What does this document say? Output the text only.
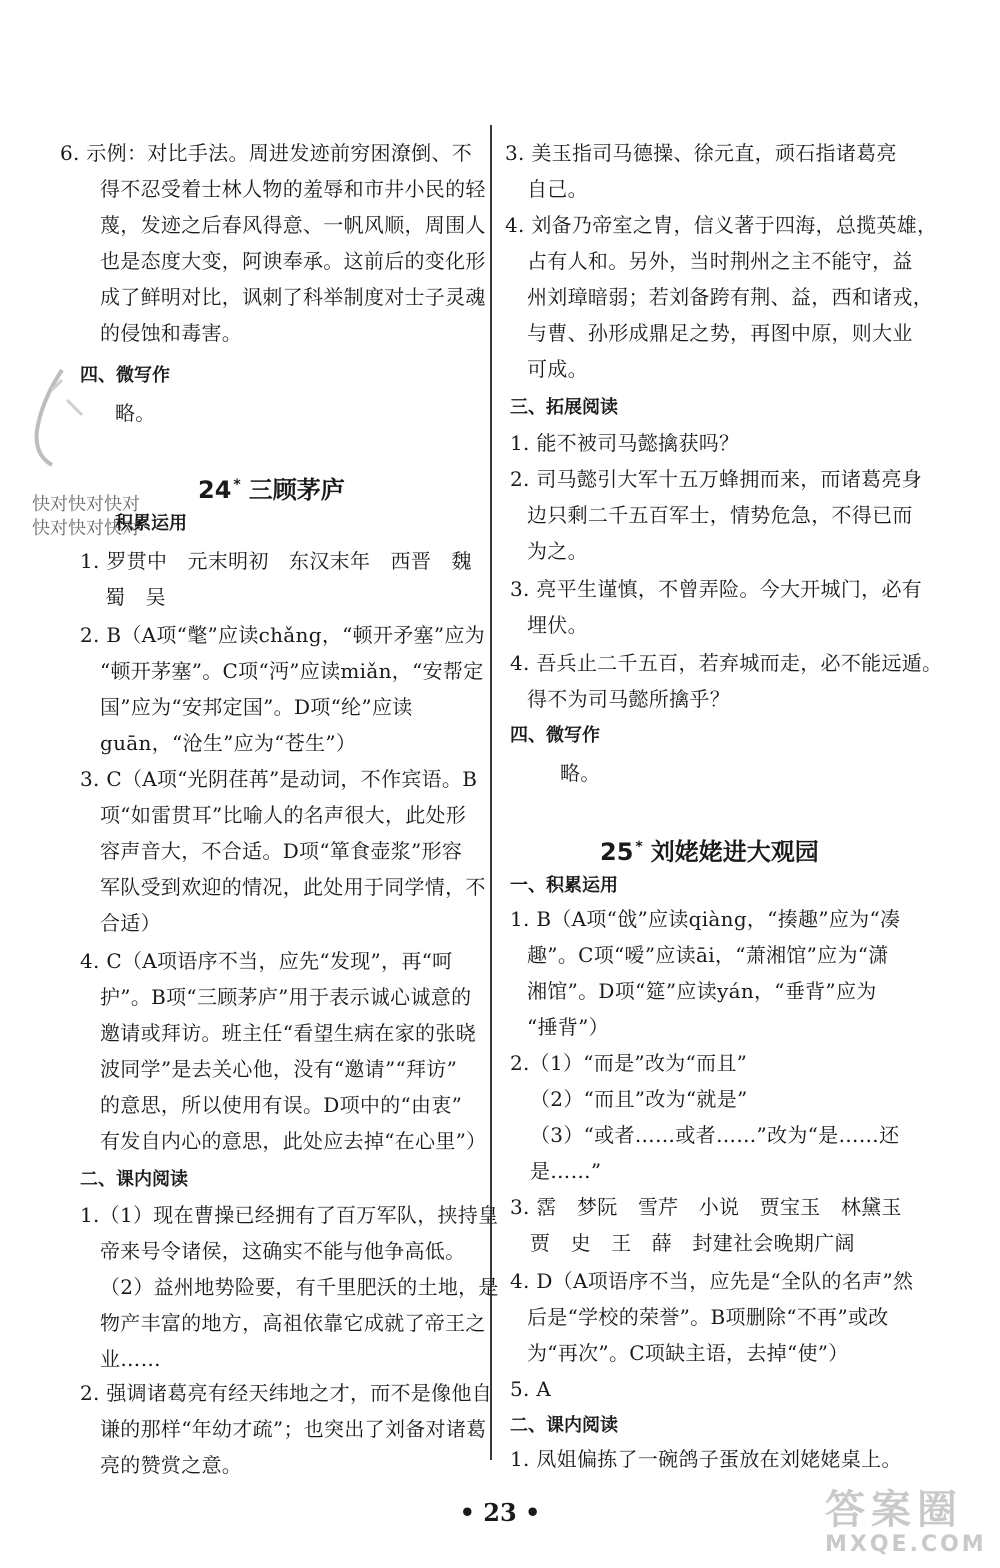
快对快对快对
快对快对快对
• 23 •	答案圈
MXQE.COM
6. 示例：对比手法。周进发迹前穷困潦倒、不
得不忍受着士林人物的羞辱和市井小民的轻
蔑，发迹之后春风得意、一帆风顺，周围人
也是态度大变，阿谀奉承。这前后的变化形
成了鲜明对比，讽刺了科举制度对士子灵魂
的侵蚀和毒害。
四、微写作
略。
24 * 三顾茅庐
积累运用
1. 罗贯中　元末明初　东汉末年　西晋　魏
蜀　吴
2. B（A项“氅”应读chǎng，“顿开矛塞”应为
“顿开茅塞”。C项“沔”应读miǎn，“安帮定
国”应为“安邦定国”。D项“纶”应读
guān，“沧生”应为“苍生”）
3. C（A项“光阴荏苒”是动词，不作宾语。B
项“如雷贯耳”比喻人的名声很大，此处形
容声音大，不合适。D项“箪食壶浆”形容
军队受到欢迎的情况，此处用于同学情，不
合适）
4. C（A项语序不当，应先“发现”，再“呵
护”。B项“三顾茅庐”用于表示诚心诚意的
邀请或拜访。班主任“看望生病在家的张晓
波同学”是去关心他，没有“邀请”“拜访”
的意思，所以使用有误。D项中的“由衷”
有发自内心的意思，此处应去掉“在心里”）
二、课内阅读
1.（1）现在曹操已经拥有了百万军队，挟持皇
帝来号令诸侯，这确实不能与他争高低。
（2）益州地势险要，有千里肥沃的土地，是
物产丰富的地方，高祖依靠它成就了帝王之
业……
2. 强调诸葛亮有经天纬地之才，而不是像他自
谦的那样“年幼才疏”；也突出了刘备对诸葛
亮的赞赏之意。
3. 美玉指司马德操、徐元直，顽石指诸葛亮
自己。
4. 刘备乃帝室之胄，信义著于四海，总揽英雄，
占有人和。另外，当时荆州之主不能守，益
州刘璋暗弱；若刘备跨有荆、益，西和诸戎，
与曹、孙形成鼎足之势，再图中原，则大业
可成。
三、拓展阅读
1. 能不被司马懿擒获吗？
2. 司马懿引大军十五万蜂拥而来，而诸葛亮身
边只剩二千五百军士，情势危急，不得已而
为之。
3. 亮平生谨慎，不曾弄险。今大开城门，必有
埋伏。
4. 吾兵止二千五百，若弃城而走，必不能远遁。
得不为司马懿所擒乎？
四、微写作
略。
25 * 刘姥姥进大观园
一、积累运用
1. B（A项“戗”应读qiàng，“揍趣”应为“凑
趣”。C项“嗳”应读āi，“萧湘馆”应为“潇
湘馆”。D项“筵”应读yán，“垂背”应为
“捶背”）
2.（1）“而是”改为“而且”
（2）“而且”改为“就是”
（3）“或者……或者……”改为“是……还
是……”
3. 霑　梦阮　雪芹　小说　贾宝玉　林黛玉
贾　史　王　薛　封建社会晚期广阔
4. D（A项语序不当，应先是“全队的名声”然
后是“学校的荣誉”。B项删除“不再”或改
为“再次”。C项缺主语，去掉“使”）
5. A
二、课内阅读
1. 凤姐偏拣了一碗鸽子蛋放在刘姥姥桌上。
